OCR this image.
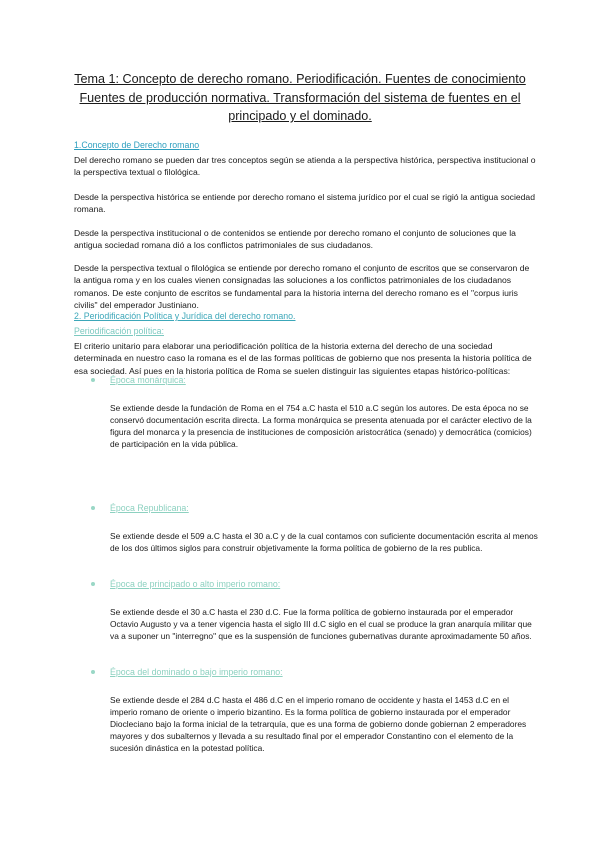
Tema 1: Concepto de derecho romano. Periodificación. Fuentes de conocimiento Fuentes de producción normativa. Transformación del sistema de fuentes en el principado y el dominado.
1.Concepto de Derecho romano

Del derecho romano se pueden dar tres conceptos según se atienda a la perspectiva histórica, perspectiva institucional o la perspectiva textual o filológica.

Desde la perspectiva histórica se entiende por derecho romano el sistema jurídico por el cual se rigió la antigua sociedad romana.

Desde la perspectiva institucional o de contenidos se entiende por derecho romano el conjunto de soluciones que la antigua sociedad romana dió a los conflictos patrimoniales de sus ciudadanos.

Desde la perspectiva textual o filológica se entiende por derecho romano el conjunto de escritos que se conservaron de la antigua roma y en los cuales vienen consignadas las soluciones a los conflictos patrimoniales de los ciudadanos romanos. De este conjunto de escritos se fundamental para la historia interna del derecho romano es el "corpus iuris civilis" del emperador Justiniano.

2. Periodificación Política y Jurídica del derecho romano.
Periodificación política:

El criterio unitario para elaborar una periodificación política de la historia externa del derecho de una sociedad determinada en nuestro caso la romana es el de las formas políticas de gobierno que nos presenta la historia política de esa sociedad. Así pues en la historia política de Roma se suelen distinguir las siguientes etapas histórico-políticas:

Época monárquica:

Se extiende desde la fundación de Roma en el 754 a.C hasta el 510 a.C según los autores. De esta época no se conservó documentación escrita directa. La forma monárquica se presenta atenuada por el carácter electivo de la figura del monarca y la presencia de instituciones de composición aristocrática (senado) y democrática (comicios) de participación en la vida pública.

Época Republicana:

Se extiende desde el 509 a.C hasta el 30 a.C y de la cual contamos con suficiente documentación escrita al menos de los dos últimos siglos para construir objetivamente la forma política de gobierno de la res publica.

Época de principado o alto imperio romano:

Se extiende desde el 30 a.C hasta el 230 d.C. Fue la forma política de gobierno instaurada por el emperador Octavio Augusto y va a tener vigencia hasta el siglo III d.C siglo en el cual se produce la gran anarquía militar que va a suponer un "interregno" que es la suspensión de funciones gubernativas durante aproximadamente 50 años.

Época del dominado o bajo imperio romano:

Se extiende desde el 284 d.C hasta el 486 d.C en el imperio romano de occidente y hasta el 1453 d.C en el imperio romano de oriente o imperio bizantino. Es la forma política de gobierno instaurada por el emperador Diocleciano bajo la forma inicial de la tetrarquía, que es una forma de gobierno donde gobiernan 2 emperadores mayores y dos subalternos y llevada a su resultado final por el emperador Constantino con el elemento de la sucesión dinástica en la potestad política.
